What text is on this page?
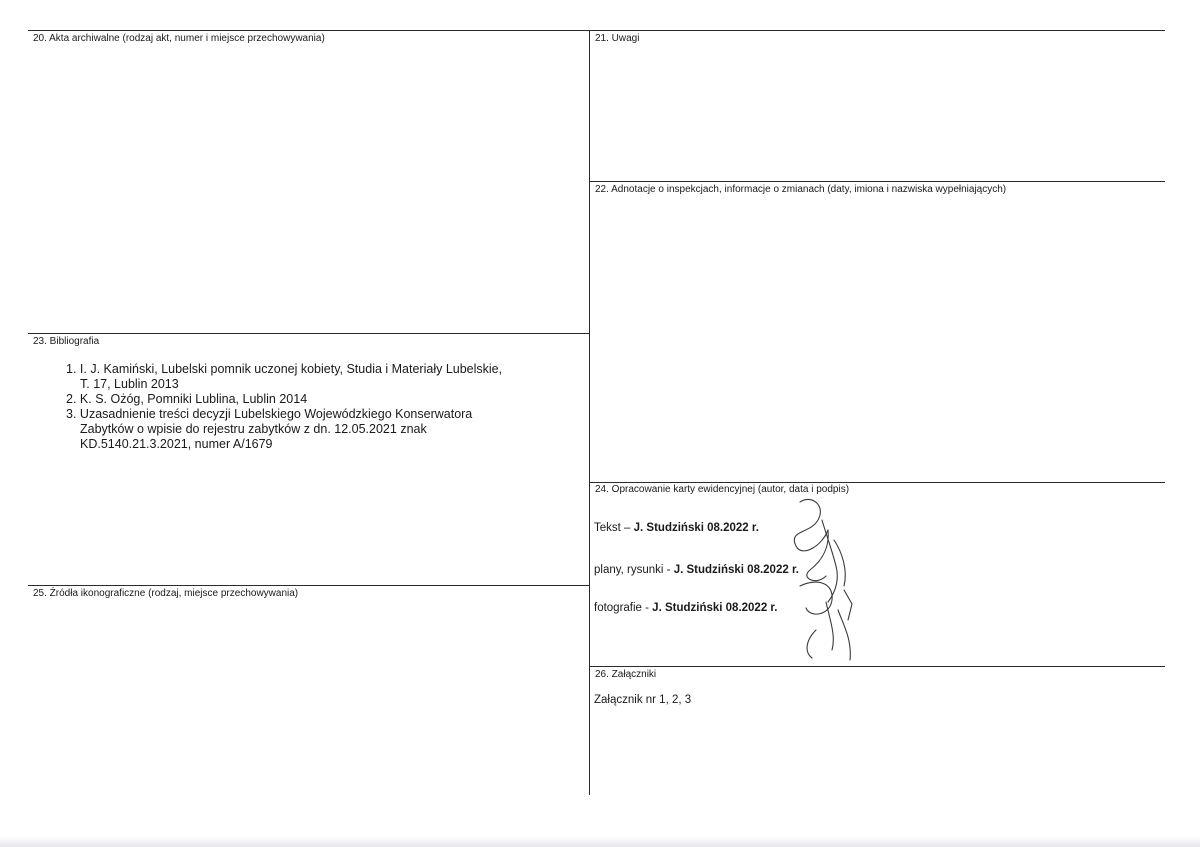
20. Akta archiwalne (rodzaj akt, numer i miejsce przechowywania)	21. Uwagi
22. Adnotacje o inspekcjach, informacje o zmianach (daty, imiona i nazwiska wypełniających)
23. Bibliografia
24. Opracowanie karty ewidencyjnej (autor, data i podpis)
25. Źródła ikonograficzne (rodzaj, miejsce przechowywania)
26. Załączniki
1. I. J. Kamiński, Lubelski pomnik uczonej kobiety, Studia i Materiały Lubelskie,
T. 17, Lublin 2013
2. K. S. Ożóg, Pomniki Lublina, Lublin 2014
3. Uzasadnienie treści decyzji Lubelskiego Wojewódzkiego Konserwatora
Zabytków o wpisie do rejestru zabytków z dn. 12.05.2021 znak
KD.5140.21.3.2021, numer A/1679
Tekst – J. Studziński 08.2022 r.
plany, rysunki - J. Studziński 08.2022 r.
fotografie - J. Studziński 08.2022 r.
Załącznik nr 1, 2, 3
